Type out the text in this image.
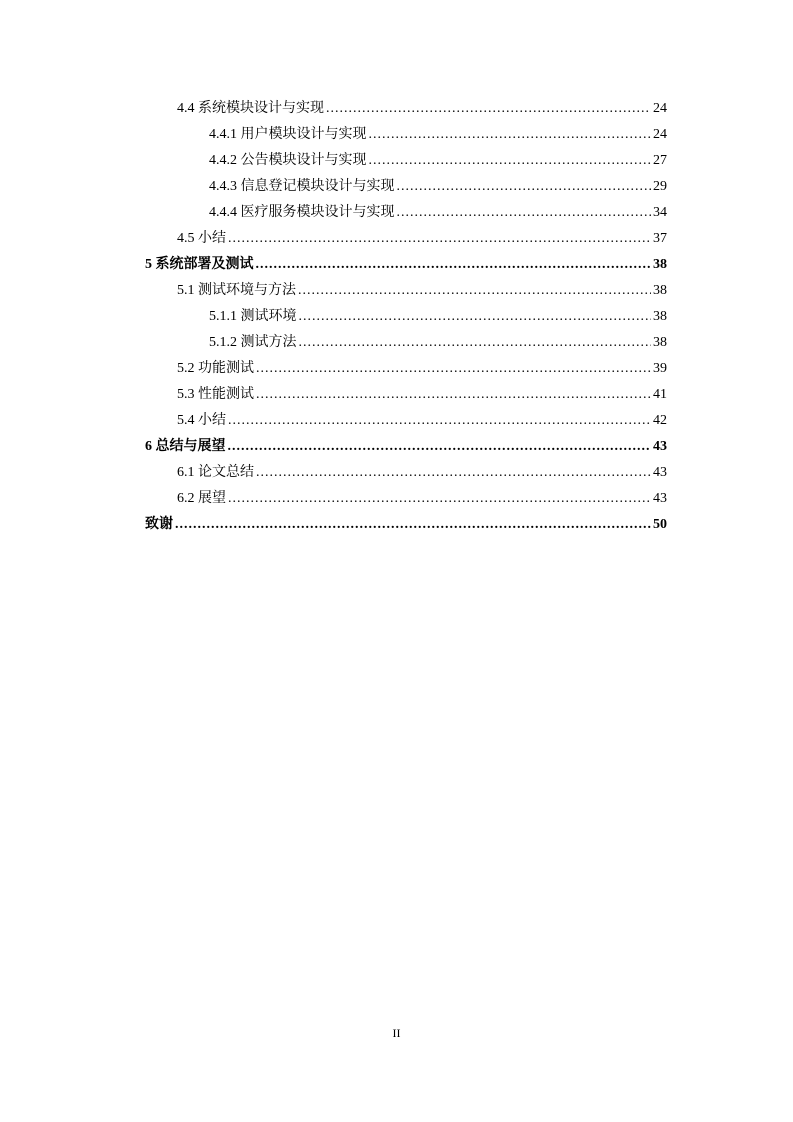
4.4 系统模块设计与实现 .....	24
4.4.1 用户模块设计与实现 .....	24
4.4.2 公告模块设计与实现 .....	27
4.4.3 信息登记模块设计与实现 .....	29
4.4.4 医疗服务模块设计与实现 .....	34
4.5 小结 .....	37
5 系统部署及测试 .....	38
5.1 测试环境与方法 .....	38
5.1.1 测试环境 .....	38
5.1.2 测试方法 .....	38
5.2 功能测试 .....	39
5.3 性能测试 .....	41
5.4 小结 .....	42
6 总结与展望 .....	43
6.1 论文总结 .....	43
6.2 展望 .....	43
致谢 .....	50
II
